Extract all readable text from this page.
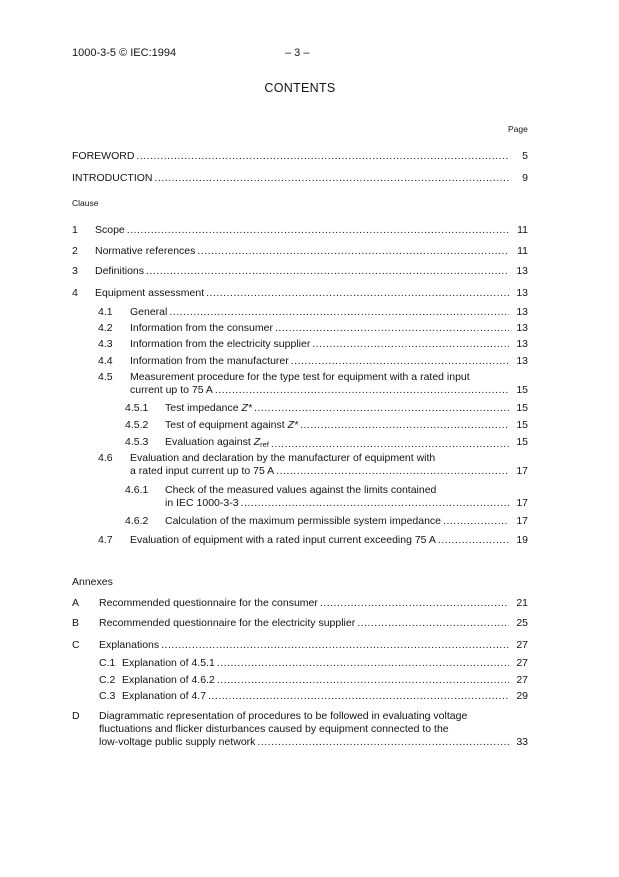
1000-3-5 © IEC:1994	– 3 –
CONTENTS
Page
FOREWORD .....	5
INTRODUCTION .....	9
Clause
1 Scope .....	11
2 Normative references .....	11
3 Definitions .....	13
4 Equipment assessment .....	13
4.1 General .....	13
4.2 Information from the consumer .....	13
4.3 Information from the electricity supplier .....	13
4.4 Information from the manufacturer .....	13
4.5 Measurement procedure for the type test for equipment with a rated input
current up to 75 A .....	15
4.5.1 Test impedance Z* .....	15
4.5.2 Test of equipment against Z* .....	15
4.5.3 Evaluation against $Z_{ref}$ .....	15
4.6 Evaluation and declaration by the manufacturer of equipment with
a rated input current up to 75 A .....	17
4.6.1 Check of the measured values against the limits contained
in IEC 1000-3-3 .....	17
4.6.2 Calculation of the maximum permissible system impedance .....	17
4.7 Evaluation of equipment with a rated input current exceeding 75 A .....	19
Annexes
A Recommended questionnaire for the consumer .....	21
B Recommended questionnaire for the electricity supplier .....	25
C Explanations .....	27
C.1 Explanation of 4.5.1 .....	27
C.2 Explanation of 4.6.2 .....	27
C.3 Explanation of 4.7 .....	29
D Diagrammatic representation of procedures to be followed in evaluating voltage
fluctuations and flicker disturbances caused by equipment connected to the
low-voltage public supply network .....	33
